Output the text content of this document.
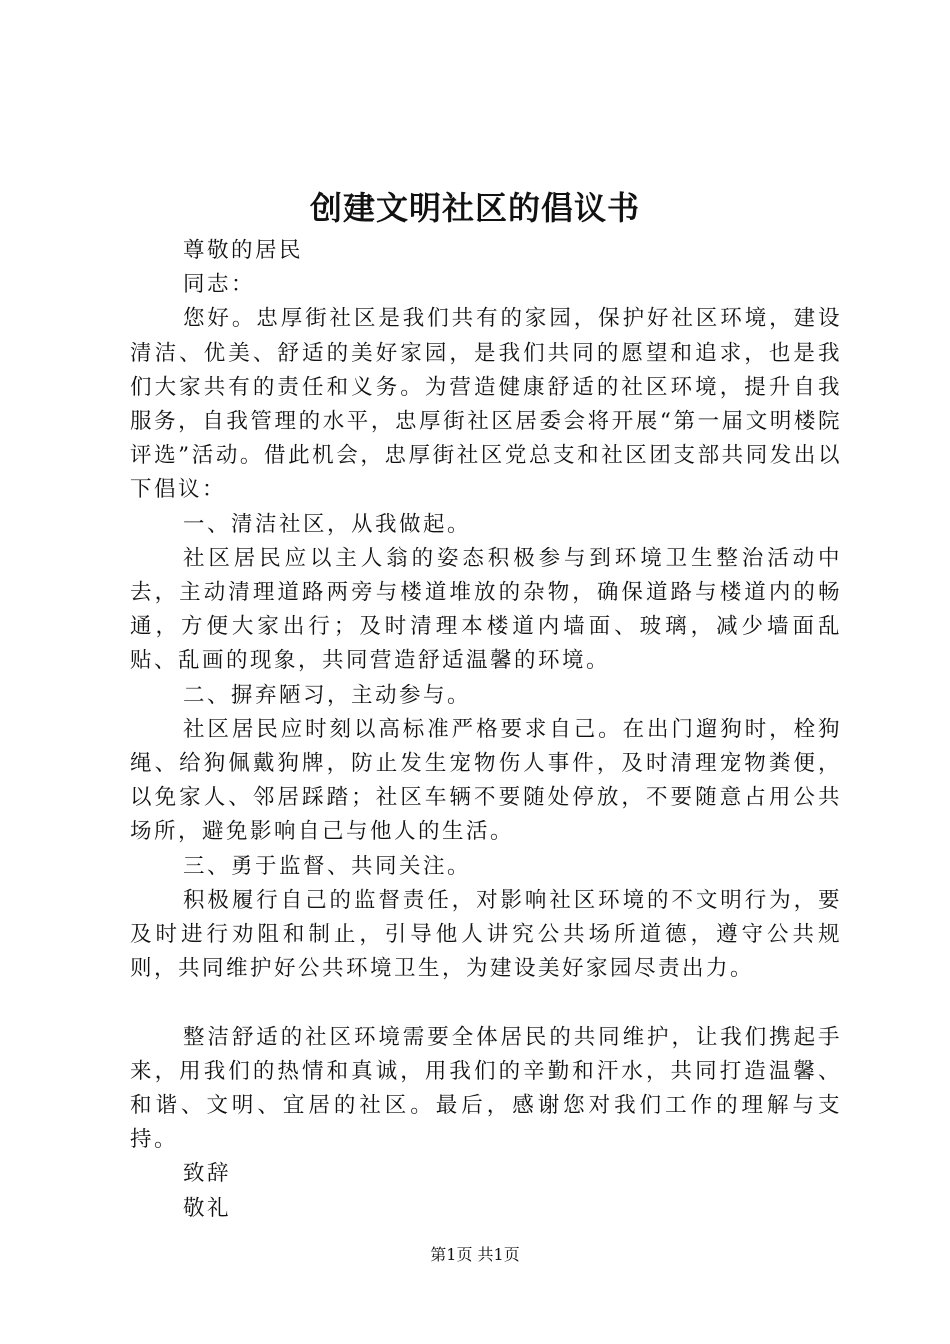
创建文明社区的倡议书

尊敬的居民

同志：

您好。忠厚街社区是我们共有的家园，保护好社区环境，建设清洁、优美、舒适的美好家园，是我们共同的愿望和追求，也是我们大家共有的责任和义务。为营造健康舒适的社区环境，提升自我服务，自我管理的水平，忠厚街社区居委会将开展“第一届文明楼院评选”活动。借此机会，忠厚街社区党总支和社区团支部共同发出以下倡议：

一、清洁社区，从我做起。

社区居民应以主人翁的姿态积极参与到环境卫生整治活动中去，主动清理道路两旁与楼道堆放的杂物，确保道路与楼道内的畅通，方便大家出行；及时清理本楼道内墙面、玻璃，减少墙面乱贴、乱画的现象，共同营造舒适温馨的环境。

二、摒弃陋习，主动参与。

社区居民应时刻以高标准严格要求自己。在出门遛狗时，栓狗绳、给狗佩戴狗牌，防止发生宠物伤人事件，及时清理宠物粪便，以免家人、邻居踩踏；社区车辆不要随处停放，不要随意占用公共场所，避免影响自己与他人的生活。

三、勇于监督、共同关注。

积极履行自己的监督责任，对影响社区环境的不文明行为，要及时进行劝阻和制止，引导他人讲究公共场所道德，遵守公共规则，共同维护好公共环境卫生，为建设美好家园尽责出力。

整洁舒适的社区环境需要全体居民的共同维护，让我们携起手来，用我们的热情和真诚，用我们的辛勤和汗水，共同打造温馨、和谐、文明、宜居的社区。最后，感谢您对我们工作的理解与支持。

致辞

敬礼

第1页 共1页
